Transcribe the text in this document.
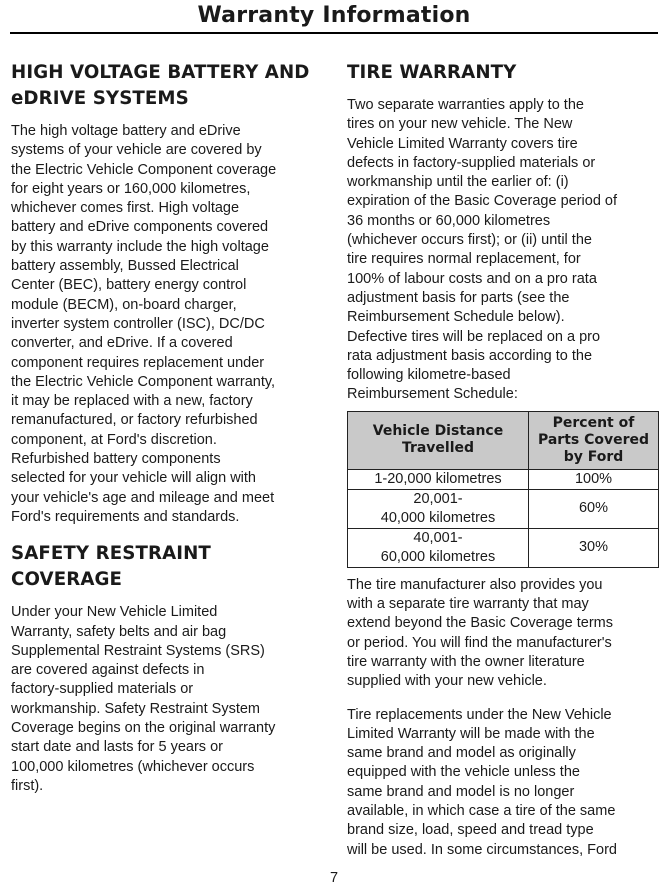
Warranty Information
HIGH VOLTAGE BATTERY AND eDRIVE SYSTEMS

The high voltage battery and eDrive
systems of your vehicle are covered by
the Electric Vehicle Component coverage
for eight years or 160,000 kilometres,
whichever comes first. High voltage
battery and eDrive components covered
by this warranty include the high voltage
battery assembly, Bussed Electrical
Center (BEC), battery energy control
module (BECM), on-board charger,
inverter system controller (ISC), DC/DC
converter, and eDrive. If a covered
component requires replacement under
the Electric Vehicle Component warranty,
it may be replaced with a new, factory
remanufactured, or factory refurbished
component, at Ford's discretion.
Refurbished battery components
selected for your vehicle will align with
your vehicle's age and mileage and meet
Ford's requirements and standards.

SAFETY RESTRAINT COVERAGE

Under your New Vehicle Limited
Warranty, safety belts and air bag
Supplemental Restraint Systems (SRS)
are covered against defects in
factory-supplied materials or
workmanship. Safety Restraint System
Coverage begins on the original warranty
start date and lasts for 5 years or
100,000 kilometres (whichever occurs
first).

TIRE WARRANTY

Two separate warranties apply to the
tires on your new vehicle. The New
Vehicle Limited Warranty covers tire
defects in factory-supplied materials or
workmanship until the earlier of: (i)
expiration of the Basic Coverage period of
36 months or 60,000 kilometres
(whichever occurs first); or (ii) until the
tire requires normal replacement, for
100% of labour costs and on a pro rata
adjustment basis for parts (see the
Reimbursement Schedule below).
Defective tires will be replaced on a pro
rata adjustment basis according to the
following kilometre-based
Reimbursement Schedule:

Vehicle Distance
Travelled	Percent of
Parts Covered
by Ford
1-20,000 kilometres	100%
20,001-
40,000 kilometres	60%
40,001-
60,000 kilometres	30%

The tire manufacturer also provides you
with a separate tire warranty that may
extend beyond the Basic Coverage terms
or period. You will find the manufacturer's
tire warranty with the owner literature
supplied with your new vehicle.

Tire replacements under the New Vehicle
Limited Warranty will be made with the
same brand and model as originally
equipped with the vehicle unless the
same brand and model is no longer
available, in which case a tire of the same
brand size, load, speed and tread type
will be used. In some circumstances, Ford

7
